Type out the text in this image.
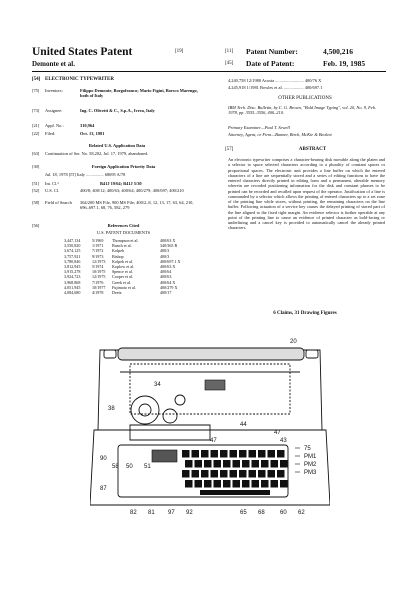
United States Patent	[19]
Demonte et al.
[11] Patent Number:	4,500,216
[45] Date of Patent:	Feb. 19, 1985
[54] ELECTRONIC TYPEWRITER
[75] Inventors:	Filippo Demonte, Borgofranco; Mario Figini, Borsco Marengo, both of Italy
[73] Assignee:	Ing. C. Olivetti & C., S.p.A., Ivrea, Italy
[21] Appl. No.:	310,964
[22] Filed:	Oct. 13, 1981
Related U.S. Application Data
[63] Continuation of Ser. No. 58,202, Jul. 17, 1979, abandoned.
[30]	Foreign Application Priority Data
Jul. 18, 1978 [IT] Italy ................ 68695 A/78
[51] Int. Cl.³	B41J 19/64; B41J 5/30
[52] U.S. Cl.	400/8; 400/12; 400/63; 400/64; 400/279; 400/697; 400/210
[58] Field of Search 364/200 MS File, 900 MS File; 400/2–8, 12, 13, 17, 63, 64, 210, 696–697.1, 68, 76, 582, 279
[56]	References Cited
U.S. PATENT DOCUMENTS
3,447,134	5/1969	Thompson et al.	400/63 X
3,550,820	1/1971	Bunch et al.	340/365 R
3,674,125	7/1972	Kolpek	400/3
3,757,921	9/1973	Bishop	400/3
3,780,846	12/1973	Kolpek et al.	400/697.1 X
3,812,945	5/1974	Koplow et al.	400/63 X
3,915,278	10/1975	Spence et al.	400/64
3,924,723	12/1975	Cooper et al.	400/63
3,968,868	7/1976	Greek et al.	400/64 X
4,051,945	10/1977	Fujimoto et al.	400/279 X
4,084,680	4/1978	Deetz	400/17
4,240,758 12/1980 Acosta .......................... 400/76 X
4,245,918 1/1981 Bowles et al. .................. 400/697.1
OTHER PUBLICATIONS
IBM Tech. Disc. Bulletin, by C. G. Brown, "Bold Image Typing", vol. 20, No. 9, Feb. 1978, pp. 3555–3556, 400–210.
Primary Examiner—Paul T. Sewell
Attorney, Agent, or Firm—Banner, Birch, McKie & Beckett
[57]	ABSTRACT
An electronic typewriter comprises a character-bearing disk movable along the platen and a selector to space selected characters according to a plurality of constant spaces or proportional spaces. The electronic unit provides a line buffer on which the entered characters of a line are sequentially stored and a series of editing functions to have the entered characters directly printed in editing form and a permanent, alterable memory wherein are recorded positioning information for the disk and constant phrases to be printed can be recorded and recalled upon request of the operator. Justification of a line is commanded by a selector which allows the printing of entered characters up to a set zone of the printing line while stores, without printing, the remaining characters on the line buffer. Following actuation of a service key causes the delayed printing of stored part of the line aligned to the fixed right margin. An evidence selector is further operable at any point of the printing line to cause an evidence of printed character as bold-facing or underlining and a cancel key is provided to automatically cancel the already printed characters.
6 Claims, 31 Drawing Figures
20
44
47
43
34
38
90
58 50 51
75
PM1
PM2
PM3
87
82 81 97 92	65 68	60 62
47
